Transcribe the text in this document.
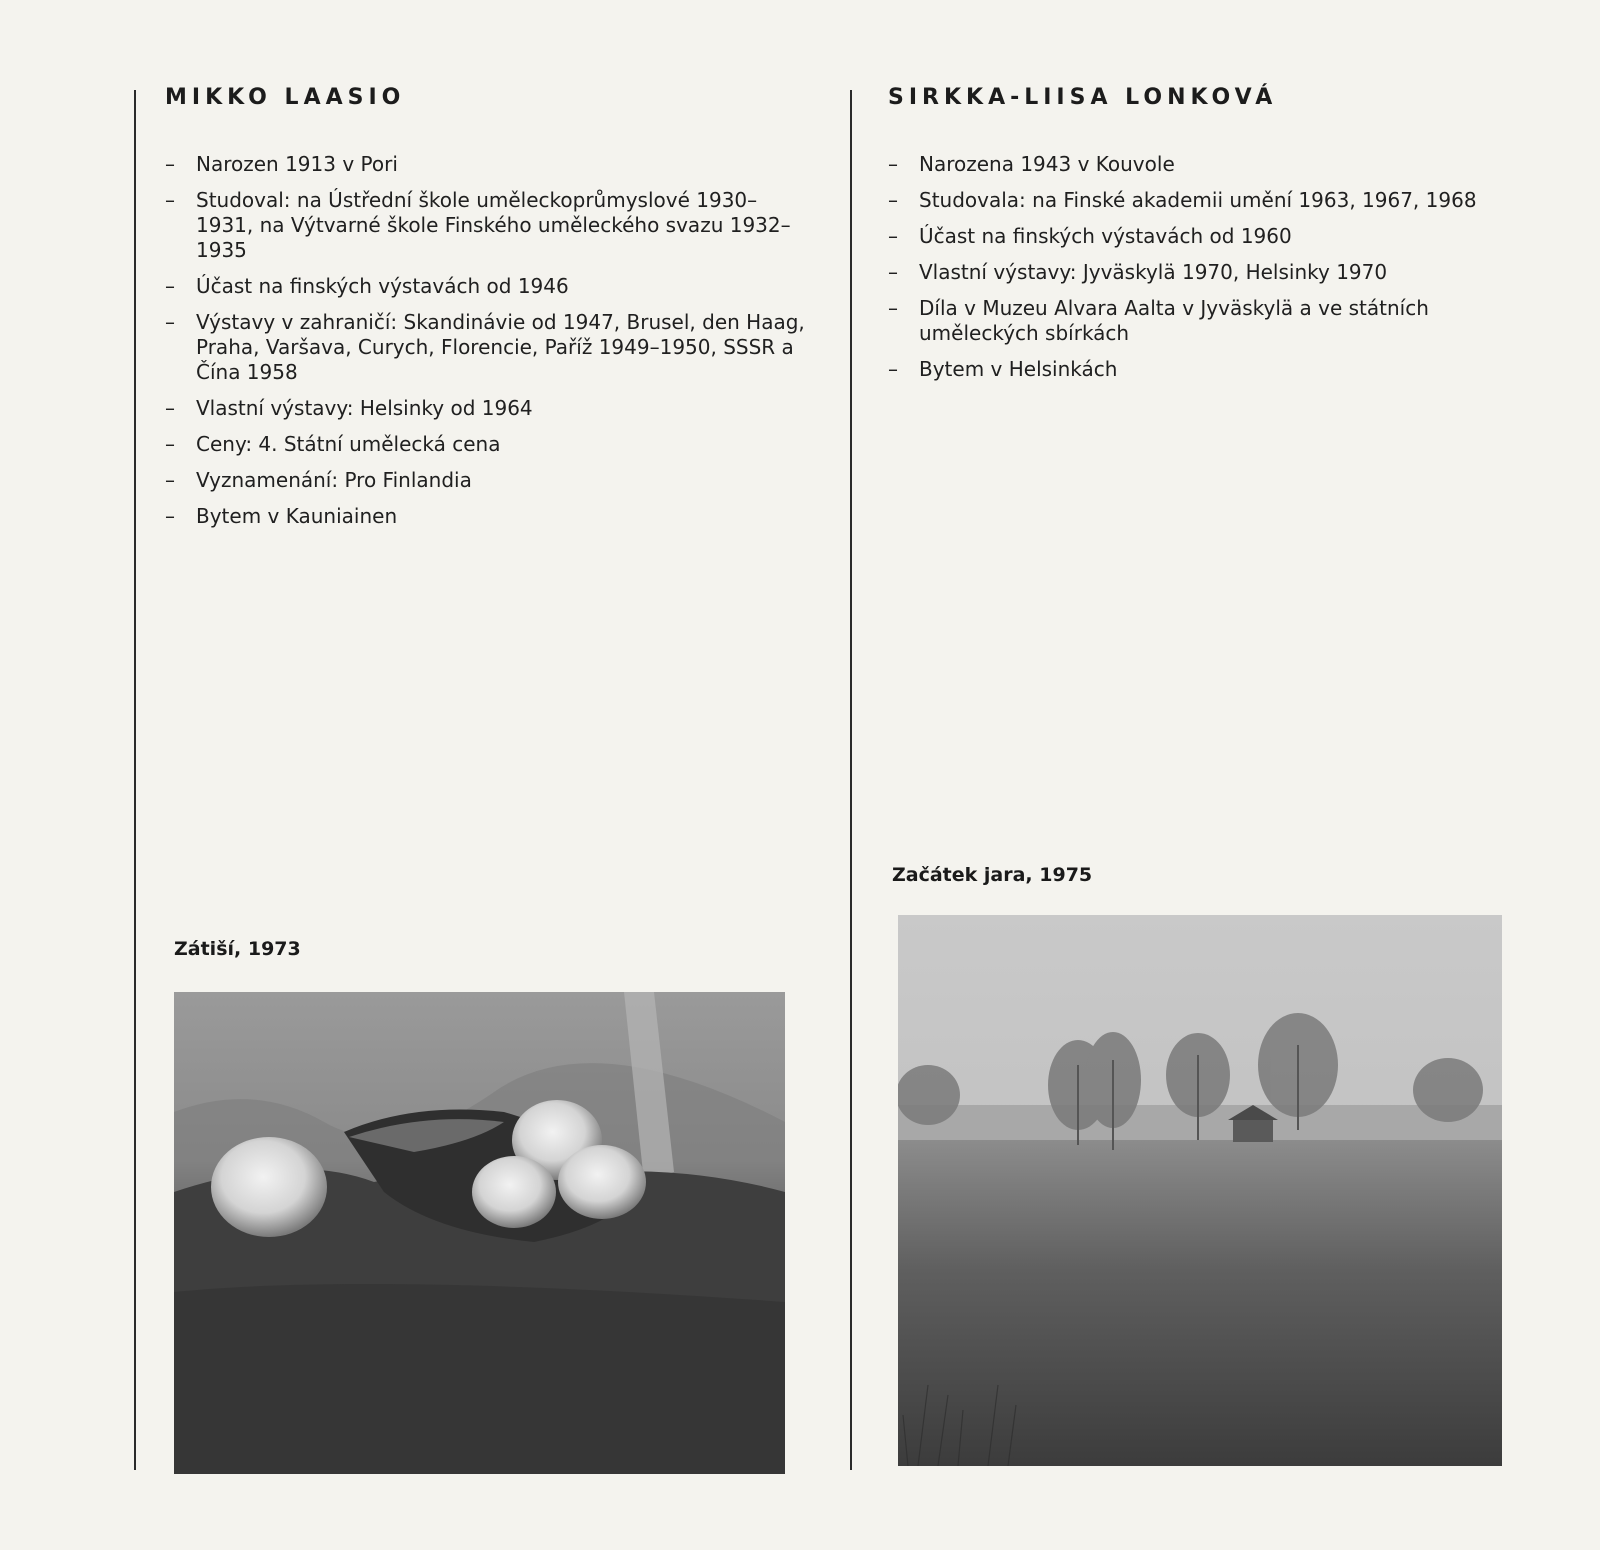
MIKKO LAASIO
– Narozen 1913 v Pori
– Studoval: na Ústřední škole uměleckoprůmyslové 1930–1931, na Výtvarné škole Finského uměleckého svazu 1932–1935
– Účast na finských výstavách od 1946
– Výstavy v zahraničí: Skandinávie od 1947, Brusel, den Haag, Praha, Varšava, Curych, Florencie, Paříž 1949–1950, SSSR a Čína 1958
– Vlastní výstavy: Helsinky od 1964
– Ceny: 4. Státní umělecká cena
– Vyznamenání: Pro Finlandia
– Bytem v Kauniainen
SIRKKA-LIISA LONKOVÁ
– Narozena 1943 v Kouvole
– Studovala: na Finské akademii umění 1963, 1967, 1968
– Účast na finských výstavách od 1960
– Vlastní výstavy: Jyväskylä 1970, Helsinky 1970
– Díla v Muzeu Alvara Aalta v Jyväskylä a ve státních uměleckých sbírkách
– Bytem v Helsinkách
Zátiší, 1973
Začátek jara, 1975
